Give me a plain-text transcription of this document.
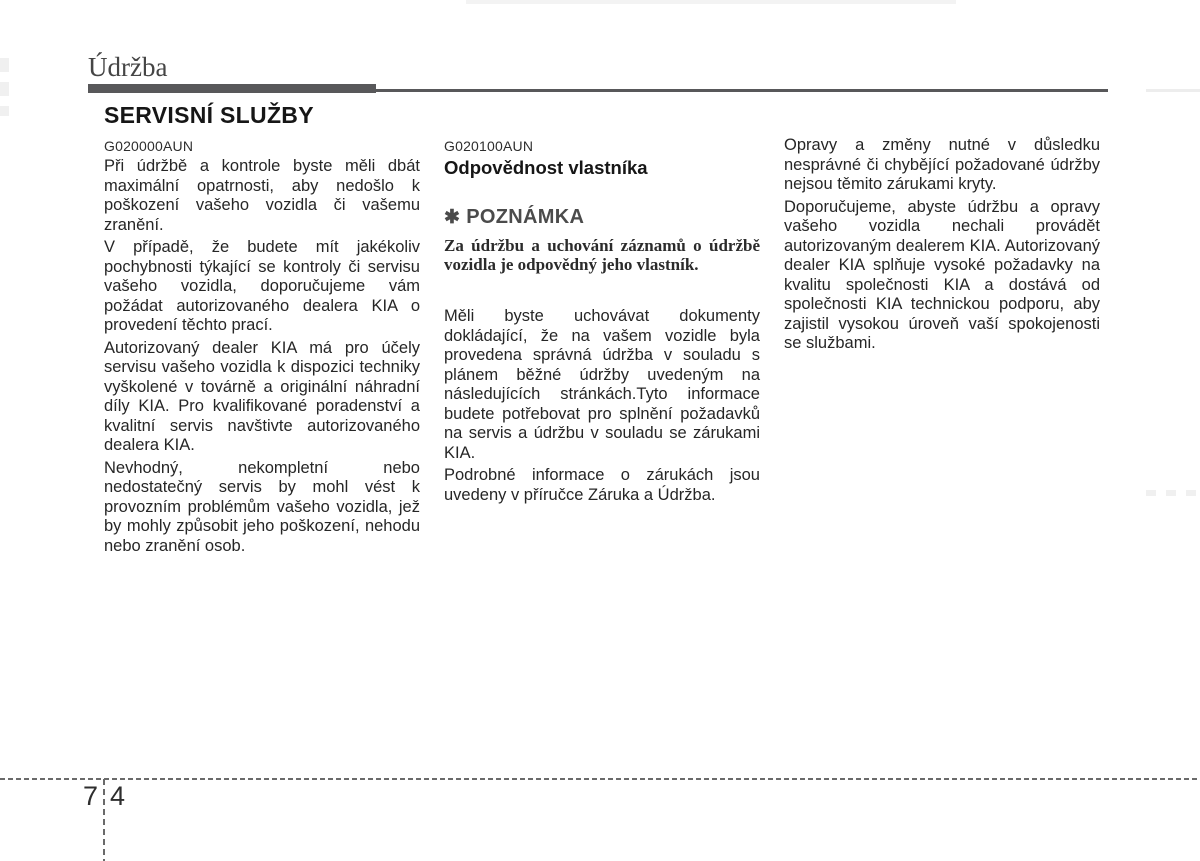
Údržba
SERVISNÍ SLUŽBY
G020000AUN

Při údržbě a kontrole byste měli dbát maximální opatrnosti, aby nedošlo k poškození vašeho vozidla či vašemu zranění.

V případě, že budete mít jakékoliv pochybnosti týkající se kontroly či servisu vašeho vozidla, doporučujeme vám požádat autorizovaného dealera KIA o provedení těchto prací.

Autorizovaný dealer KIA má pro účely servisu vašeho vozidla k dispozici techniky vyškolené v továrně a originální náhradní díly KIA. Pro kvalifikované poradenství a kvalitní servis navštivte autorizovaného dealera KIA.

Nevhodný, nekompletní nebo nedostatečný servis by mohl vést k provozním problémům vašeho vozidla, jež by mohly způsobit jeho poškození, nehodu nebo zranění osob.

G020100AUN
Odpovědnost vlastníka
✱ POZNÁMKA

Za údržbu a uchování záznamů o údržbě vozidla je odpovědný jeho vlastník.

Měli byste uchovávat dokumenty dokládající, že na vašem vozidle byla provedena správná údržba v souladu s plánem běžné údržby uvedeným na následujících stránkách.Tyto informace budete potřebovat pro splnění požadavků na servis a údržbu v souladu se zárukami KIA.

Podrobné informace o zárukách jsou uvedeny v příručce Záruka a Údržba.

Opravy a změny nutné v důsledku nesprávné či chybějící požadované údržby nejsou těmito zárukami kryty.

Doporučujeme, abyste údržbu a opravy vašeho vozidla nechali provádět autorizovaným dealerem KIA. Autorizovaný dealer KIA splňuje vysoké požadavky na kvalitu společnosti KIA a dostává od společnosti KIA technickou podporu, aby zajistil vysokou úroveň vaší spokojenosti se službami.

7 4
